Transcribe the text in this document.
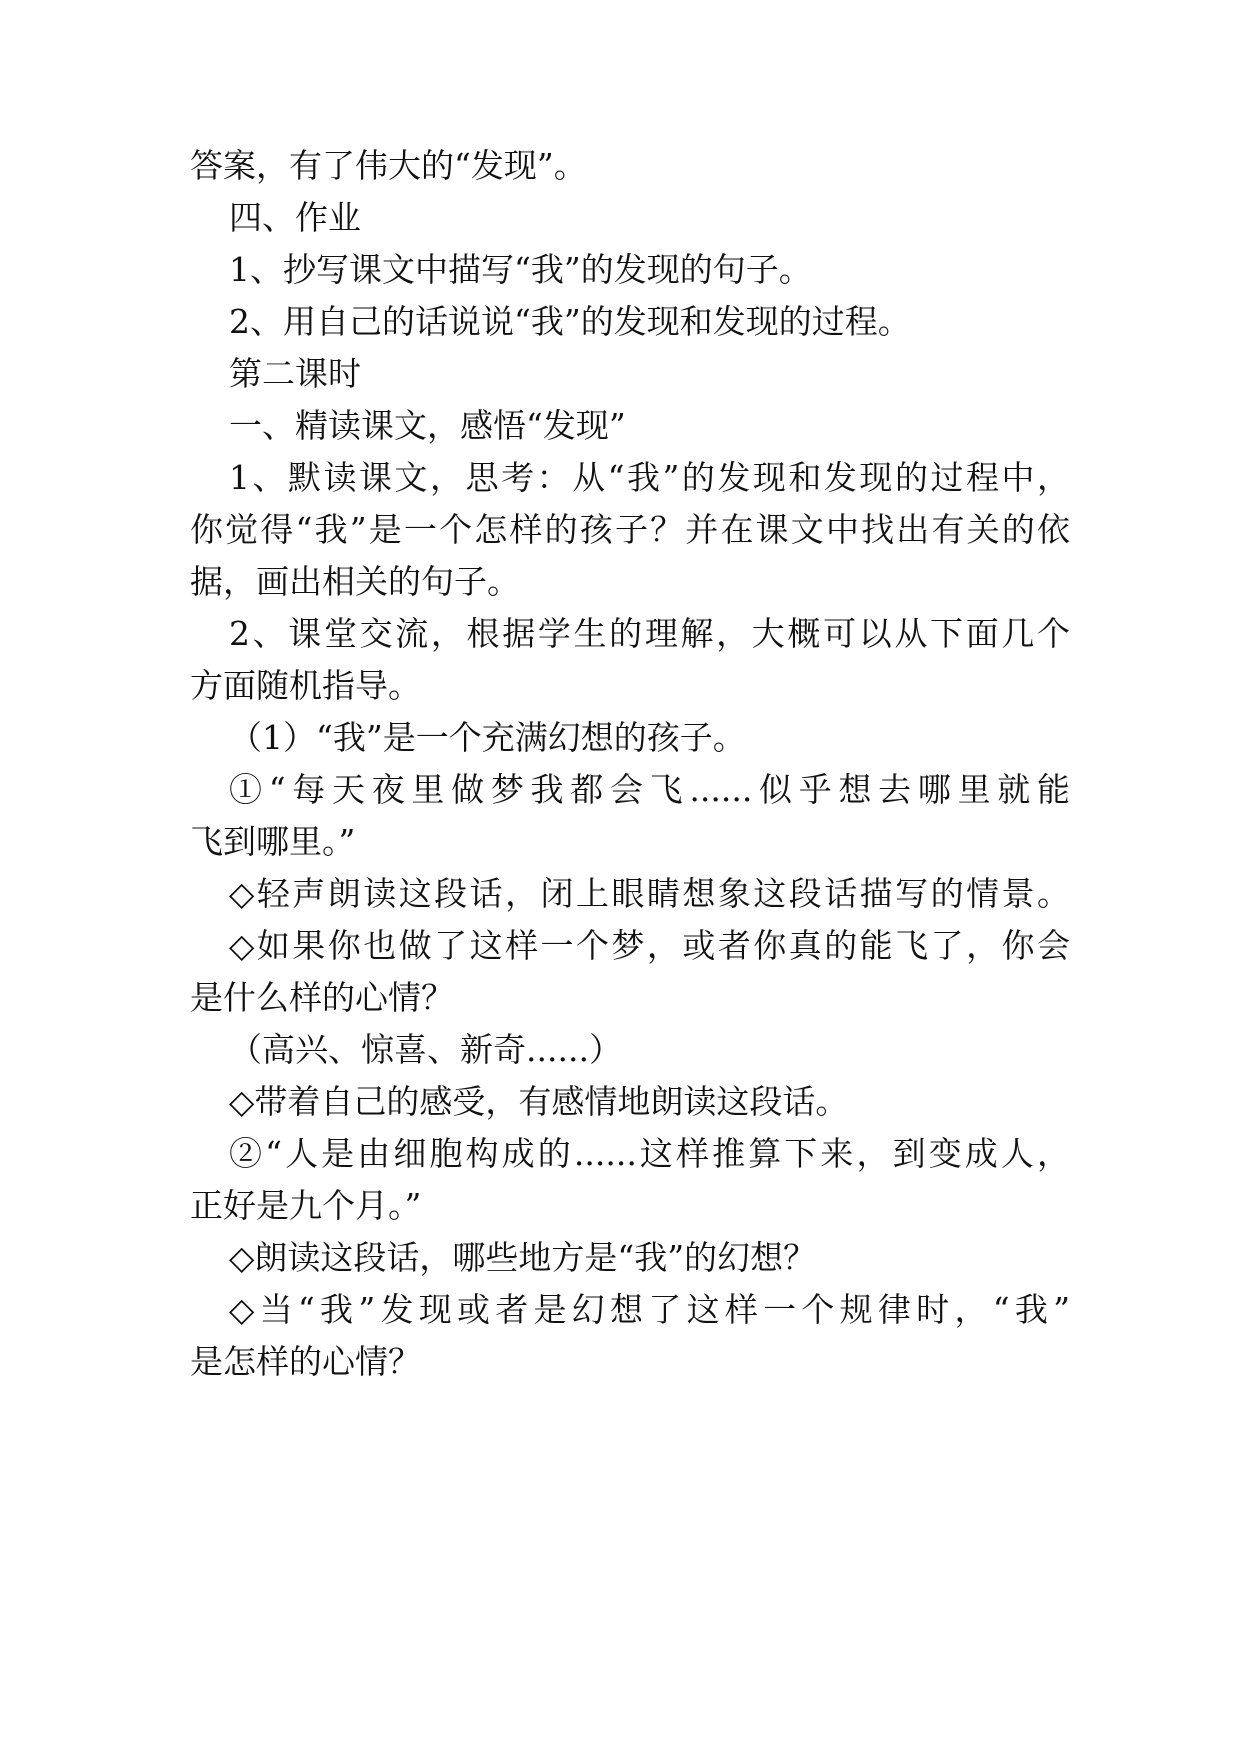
答案，有了伟大的“发现”。
四、作业
1、抄写课文中描写“我”的发现的句子。
2、用自己的话说说“我”的发现和发现的过程。
第二课时
一、精读课文，感悟“发现”
1、默读课文，思考：从“我”的发现和发现的过程中，
你觉得“我”是一个怎样的孩子？并在课文中找出有关的依
据，画出相关的句子。
2、课堂交流，根据学生的理解，大概可以从下面几个
方面随机指导。
（1）“我”是一个充满幻想的孩子。
①“每天夜里做梦我都会飞......似乎想去哪里就能
飞到哪里。”
◇轻声朗读这段话，闭上眼睛想象这段话描写的情景。
◇如果你也做了这样一个梦，或者你真的能飞了，你会
是什么样的心情？
（高兴、惊喜、新奇......）
◇带着自己的感受，有感情地朗读这段话。
②“人是由细胞构成的......这样推算下来，到变成人，
正好是九个月。”
◇朗读这段话，哪些地方是“我”的幻想？
◇当“我”发现或者是幻想了这样一个规律时，“我”
是怎样的心情？
